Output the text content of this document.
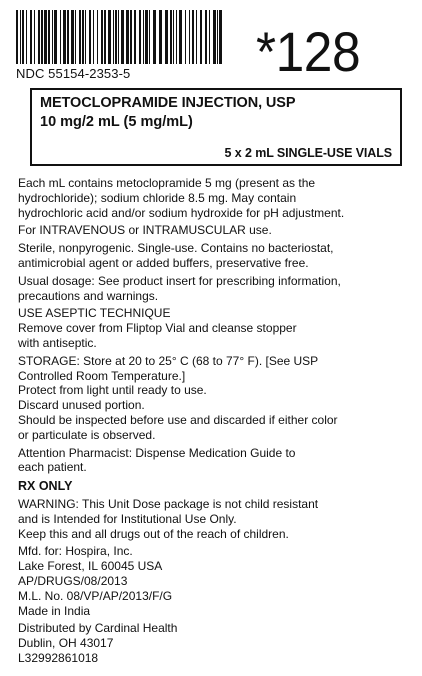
NDC 55154-2353-5 *128
METOCLOPRAMIDE INJECTION, USP
10 mg/2 mL (5 mg/mL)
5 x 2 mL SINGLE-USE VIALS
Each mL contains metoclopramide 5 mg (present as the
hydrochloride); sodium chloride 8.5 mg. May contain
hydrochloric acid and/or sodium hydroxide for pH adjustment.
For INTRAVENOUS or INTRAMUSCULAR use.
Sterile, nonpyrogenic. Single-use. Contains no bacteriostat,
antimicrobial agent or added buffers, preservative free.
Usual dosage: See product insert for prescribing information,
precautions and warnings.
USE ASEPTIC TECHNIQUE
Remove cover from Fliptop Vial and cleanse stopper
with antiseptic.
STORAGE: Store at 20 to 25° C (68 to 77° F). [See USP
Controlled Room Temperature.]
Protect from light until ready to use.
Discard unused portion.
Should be inspected before use and discarded if either color
or particulate is observed.
Attention Pharmacist: Dispense Medication Guide to
each patient.
RX ONLY
WARNING: This Unit Dose package is not child resistant
and is Intended for Institutional Use Only.
Keep this and all drugs out of the reach of children.
Mfd. for: Hospira, Inc.
Lake Forest, IL 60045 USA
AP/DRUGS/08/2013
M.L. No. 08/VP/AP/2013/F/G
Made in India
Distributed by Cardinal Health
Dublin, OH 43017
L32992861018
